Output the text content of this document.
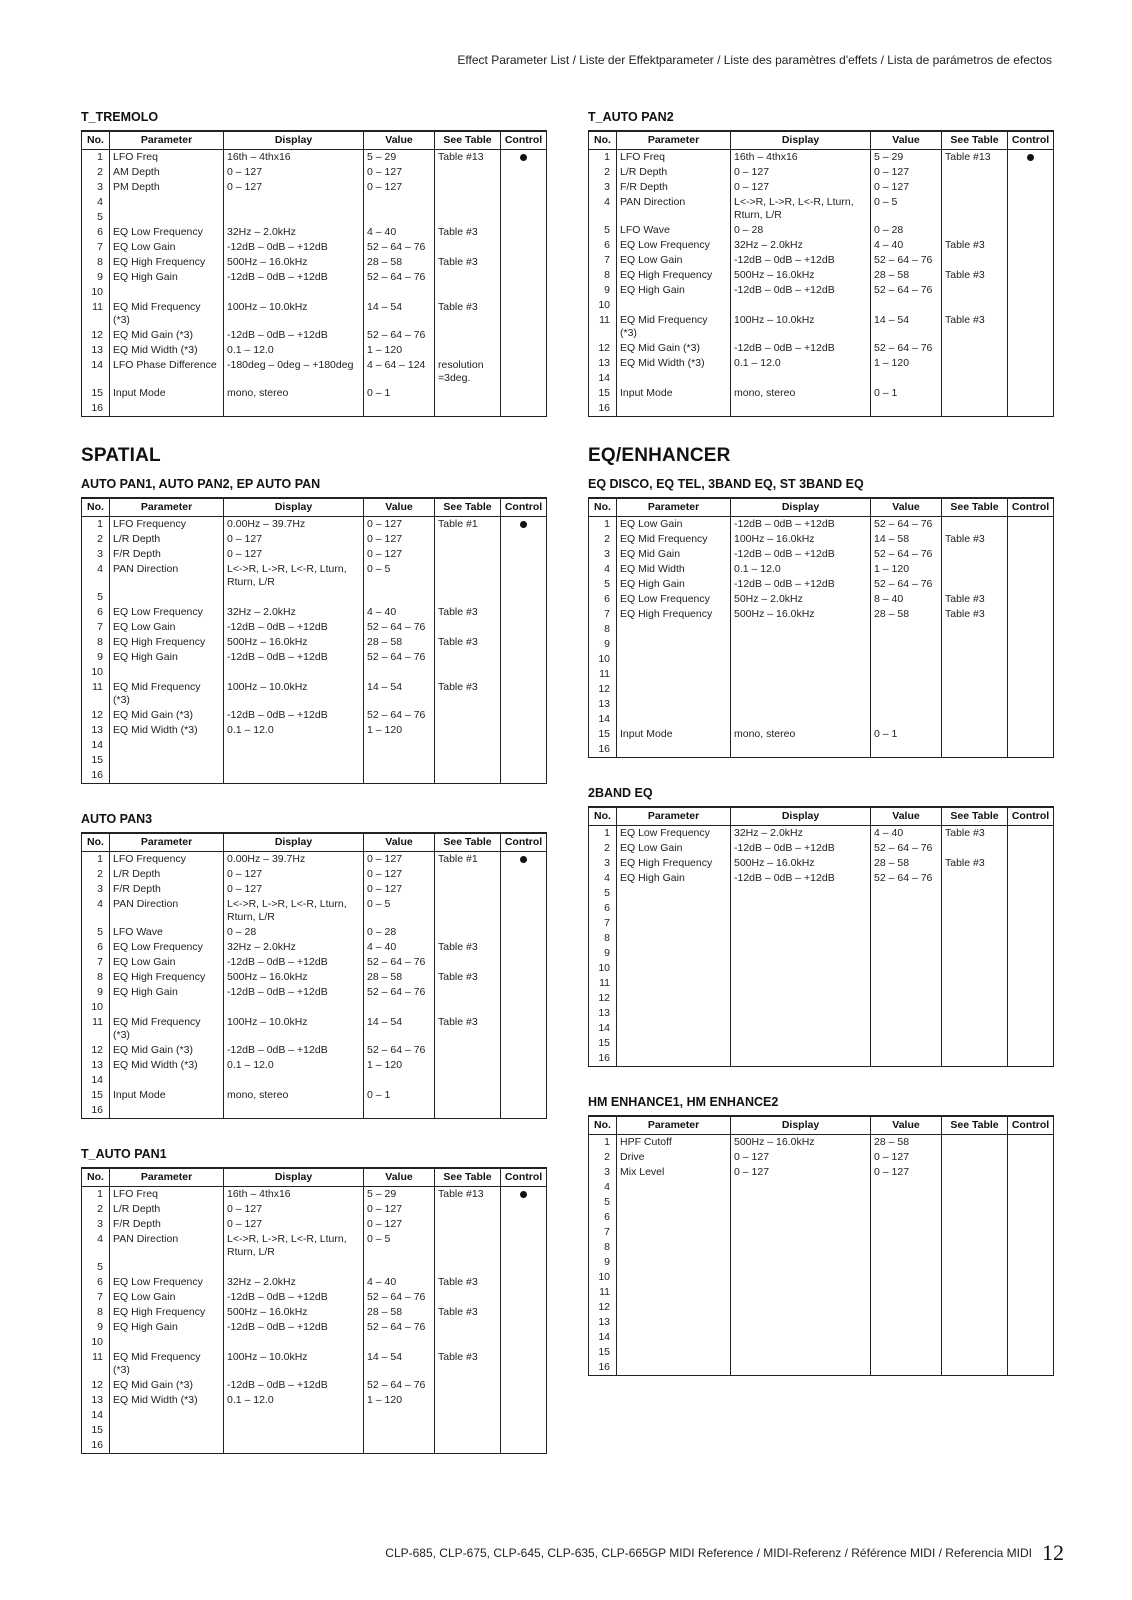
Effect Parameter List / Liste der Effektparameter / Liste des paramètres d'effets / Lista de parámetros de efectos
T_TREMOLO
No.	Parameter	Display	Value	See Table	Control
1	LFO Freq	16th – 4thx16	5 – 29	Table #13	
2	AM Depth	0 – 127	0 – 127		
3	PM Depth	0 – 127	0 – 127		
4					
5					
6	EQ Low Frequency	32Hz – 2.0kHz	4 – 40	Table #3	
7	EQ Low Gain	-12dB – 0dB – +12dB	52 – 64 – 76		
8	EQ High Frequency	500Hz – 16.0kHz	28 – 58	Table #3	
9	EQ High Gain	-12dB – 0dB – +12dB	52 – 64 – 76		
10					
11	EQ Mid Frequency (*3)	100Hz – 10.0kHz	14 – 54	Table #3	
12	EQ Mid Gain (*3)	-12dB – 0dB – +12dB	52 – 64 – 76		
13	EQ Mid Width (*3)	0.1 – 12.0	1 – 120		
14	LFO Phase Difference	-180deg – 0deg – +180deg	4 – 64 – 124	resolution =3deg.	
15	Input Mode	mono, stereo	0 – 1		
16					
SPATIAL
AUTO PAN1, AUTO PAN2, EP AUTO PAN
No.	Parameter	Display	Value	See Table	Control
1	LFO Frequency	0.00Hz – 39.7Hz	0 – 127	Table #1	
2	L/R Depth	0 – 127	0 – 127		
3	F/R Depth	0 – 127	0 – 127		
4	PAN Direction	L<->R, L->R, L<-R, Lturn, Rturn, L/R	0 – 5		
5					
6	EQ Low Frequency	32Hz – 2.0kHz	4 – 40	Table #3	
7	EQ Low Gain	-12dB – 0dB – +12dB	52 – 64 – 76		
8	EQ High Frequency	500Hz – 16.0kHz	28 – 58	Table #3	
9	EQ High Gain	-12dB – 0dB – +12dB	52 – 64 – 76		
10					
11	EQ Mid Frequency (*3)	100Hz – 10.0kHz	14 – 54	Table #3	
12	EQ Mid Gain (*3)	-12dB – 0dB – +12dB	52 – 64 – 76		
13	EQ Mid Width (*3)	0.1 – 12.0	1 – 120		
14					
15					
16					
AUTO PAN3
No.	Parameter	Display	Value	See Table	Control
1	LFO Frequency	0.00Hz – 39.7Hz	0 – 127	Table #1	
2	L/R Depth	0 – 127	0 – 127		
3	F/R Depth	0 – 127	0 – 127		
4	PAN Direction	L<->R, L->R, L<-R, Lturn, Rturn, L/R	0 – 5		
5	LFO Wave	0 – 28	0 – 28		
6	EQ Low Frequency	32Hz – 2.0kHz	4 – 40	Table #3	
7	EQ Low Gain	-12dB – 0dB – +12dB	52 – 64 – 76		
8	EQ High Frequency	500Hz – 16.0kHz	28 – 58	Table #3	
9	EQ High Gain	-12dB – 0dB – +12dB	52 – 64 – 76		
10					
11	EQ Mid Frequency (*3)	100Hz – 10.0kHz	14 – 54	Table #3	
12	EQ Mid Gain (*3)	-12dB – 0dB – +12dB	52 – 64 – 76		
13	EQ Mid Width (*3)	0.1 – 12.0	1 – 120		
14					
15	Input Mode	mono, stereo	0 – 1		
16					
T_AUTO PAN1
No.	Parameter	Display	Value	See Table	Control
1	LFO Freq	16th – 4thx16	5 – 29	Table #13	
2	L/R Depth	0 – 127	0 – 127		
3	F/R Depth	0 – 127	0 – 127		
4	PAN Direction	L<->R, L->R, L<-R, Lturn, Rturn, L/R	0 – 5		
5					
6	EQ Low Frequency	32Hz – 2.0kHz	4 – 40	Table #3	
7	EQ Low Gain	-12dB – 0dB – +12dB	52 – 64 – 76		
8	EQ High Frequency	500Hz – 16.0kHz	28 – 58	Table #3	
9	EQ High Gain	-12dB – 0dB – +12dB	52 – 64 – 76		
10					
11	EQ Mid Frequency (*3)	100Hz – 10.0kHz	14 – 54	Table #3	
12	EQ Mid Gain (*3)	-12dB – 0dB – +12dB	52 – 64 – 76		
13	EQ Mid Width (*3)	0.1 – 12.0	1 – 120		
14					
15					
16					
T_AUTO PAN2
No.	Parameter	Display	Value	See Table	Control
1	LFO Freq	16th – 4thx16	5 – 29	Table #13	
2	L/R Depth	0 – 127	0 – 127		
3	F/R Depth	0 – 127	0 – 127		
4	PAN Direction	L<->R, L->R, L<-R, Lturn, Rturn, L/R	0 – 5		
5	LFO Wave	0 – 28	0 – 28		
6	EQ Low Frequency	32Hz – 2.0kHz	4 – 40	Table #3	
7	EQ Low Gain	-12dB – 0dB – +12dB	52 – 64 – 76		
8	EQ High Frequency	500Hz – 16.0kHz	28 – 58	Table #3	
9	EQ High Gain	-12dB – 0dB – +12dB	52 – 64 – 76		
10					
11	EQ Mid Frequency (*3)	100Hz – 10.0kHz	14 – 54	Table #3	
12	EQ Mid Gain (*3)	-12dB – 0dB – +12dB	52 – 64 – 76		
13	EQ Mid Width (*3)	0.1 – 12.0	1 – 120		
14					
15	Input Mode	mono, stereo	0 – 1		
16					
EQ/ENHANCER
EQ DISCO, EQ TEL, 3BAND EQ, ST 3BAND EQ
No.	Parameter	Display	Value	See Table	Control
1	EQ Low Gain	-12dB – 0dB – +12dB	52 – 64 – 76		
2	EQ Mid Frequency	100Hz – 16.0kHz	14 – 58	Table #3	
3	EQ Mid Gain	-12dB – 0dB – +12dB	52 – 64 – 76		
4	EQ Mid Width	0.1 – 12.0	1 – 120		
5	EQ High Gain	-12dB – 0dB – +12dB	52 – 64 – 76		
6	EQ Low Frequency	50Hz – 2.0kHz	8 – 40	Table #3	
7	EQ High Frequency	500Hz – 16.0kHz	28 – 58	Table #3	
8					
9					
10					
11					
12					
13					
14					
15	Input Mode	mono, stereo	0 – 1		
16					
2BAND EQ
No.	Parameter	Display	Value	See Table	Control
1	EQ Low Frequency	32Hz – 2.0kHz	4 – 40	Table #3	
2	EQ Low Gain	-12dB – 0dB – +12dB	52 – 64 – 76		
3	EQ High Frequency	500Hz – 16.0kHz	28 – 58	Table #3	
4	EQ High Gain	-12dB – 0dB – +12dB	52 – 64 – 76		
5					
6					
7					
8					
9					
10					
11					
12					
13					
14					
15					
16					
HM ENHANCE1, HM ENHANCE2
No.	Parameter	Display	Value	See Table	Control
1	HPF Cutoff	500Hz – 16.0kHz	28 – 58		
2	Drive	0 – 127	0 – 127		
3	Mix Level	0 – 127	0 – 127		
4					
5					
6					
7					
8					
9					
10					
11					
12					
13					
14					
15					
16					
CLP-685, CLP-675, CLP-645, CLP-635, CLP-665GP MIDI Reference / MIDI-Referenz / Référence MIDI / Referencia MIDI 12
